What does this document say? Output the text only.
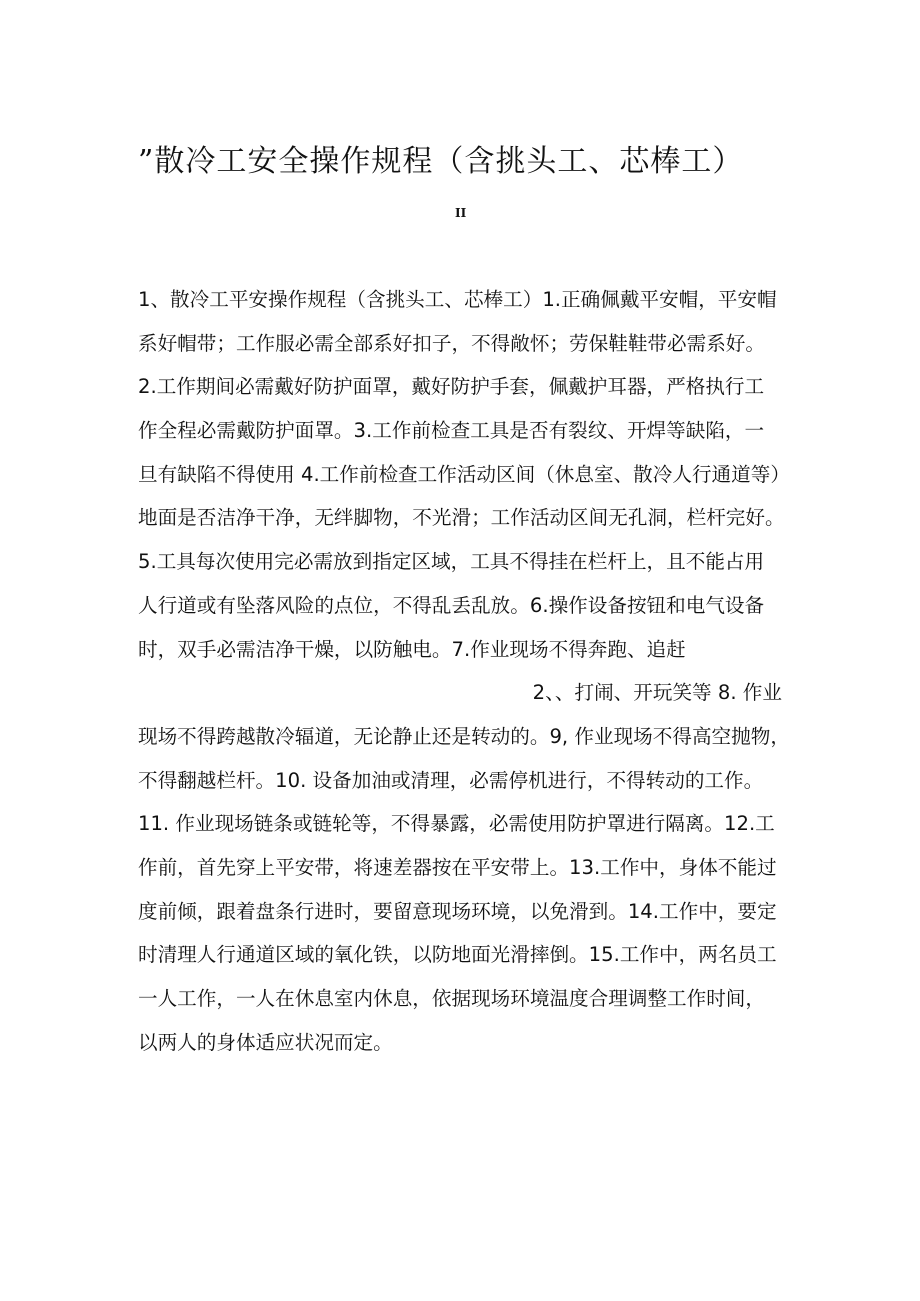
”散冷工安全操作规程（含挑头工、芯棒工）
II
1、散冷工平安操作规程（含挑头工、芯棒工）1.正确佩戴平安帽，平安帽
系好帽带；工作服必需全部系好扣子，不得敞怀；劳保鞋鞋带必需系好。
2.工作期间必需戴好防护面罩，戴好防护手套，佩戴护耳器，严格执行工
作全程必需戴防护面罩。3.工作前检查工具是否有裂纹、开焊等缺陷，一
旦有缺陷不得使用 4.工作前检查工作活动区间（休息室、散冷人行通道等）
地面是否洁净干净，无绊脚物，不光滑；工作活动区间无孔洞，栏杆完好。
5.工具每次使用完必需放到指定区域，工具不得挂在栏杆上，且不能占用
人行道或有坠落风险的点位，不得乱丢乱放。6.操作设备按钮和电气设备
时，双手必需洁净干燥，以防触电。7.作业现场不得奔跑、追赶
2、、打闹、开玩笑等 8. 作业
现场不得跨越散冷辐道，无论静止还是转动的。9, 作业现场不得高空抛物，
不得翻越栏杆。10. 设备加油或清理，必需停机进行，不得转动的工作。
11. 作业现场链条或链轮等，不得暴露，必需使用防护罩进行隔离。12.工
作前，首先穿上平安带，将速差器按在平安带上。13.工作中，身体不能过
度前倾，跟着盘条行进时，要留意现场环境，以免滑到。14.工作中，要定
时清理人行通道区域的氧化铁，以防地面光滑摔倒。15.工作中，两名员工
一人工作，一人在休息室内休息，依据现场环境温度合理调整工作时间，
以两人的身体适应状况而定。
